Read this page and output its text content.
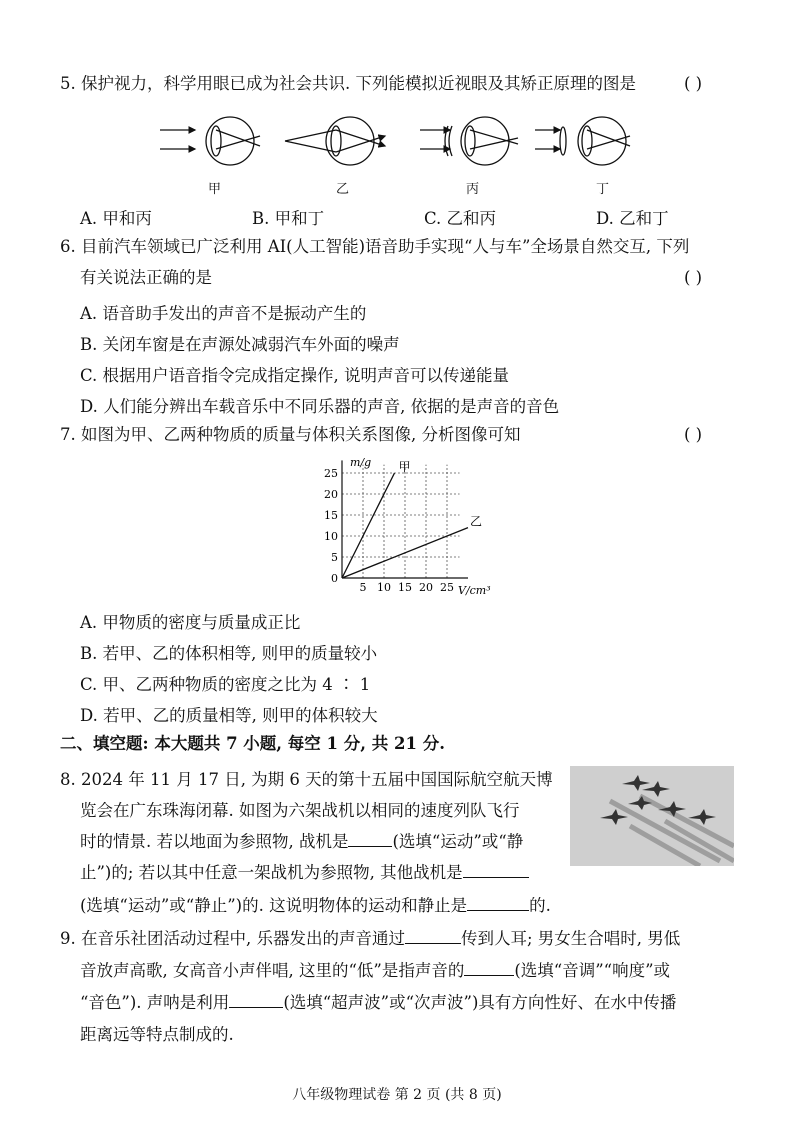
5. 保护视力，科学用眼已成为社会共识. 下列能模拟近视眼及其矫正原理的图是	( )
甲	乙	丙	丁
A. 甲和丙	B. 甲和丁	C. 乙和丙	D. 乙和丁
6. 目前汽车领域已广泛利用 AI(人工智能)语音助手实现“人与车”全场景自然交互, 下列
有关说法正确的是	( )
A. 语音助手发出的声音不是振动产生的
B. 关闭车窗是在声源处减弱汽车外面的噪声
C. 根据用户语音指令完成指定操作, 说明声音可以传递能量
D. 人们能分辨出车载音乐中不同乐器的声音, 依据的是声音的音色
7. 如图为甲、乙两种物质的质量与体积关系图像, 分析图像可知	( )
甲
乙
5 10 15 20 25
0
5
10
15
20
25
m/g
V/cm³
A. 甲物质的密度与质量成正比
B. 若甲、乙的体积相等, 则甲的质量较小
C. 甲、乙两种物质的密度之比为 4 ∶ 1
D. 若甲、乙的质量相等, 则甲的体积较大
二、填空题: 本大题共 7 小题, 每空 1 分, 共 21 分.
8. 2024 年 11 月 17 日, 为期 6 天的第十五届中国国际航空航天博
览会在广东珠海闭幕. 如图为六架战机以相同的速度列队飞行
时的情景. 若以地面为参照物, 战机是	(选填“运动”或“静
止”)的; 若以其中任意一架战机为参照物, 其他战机是
(选填“运动”或“静止”)的. 这说明物体的运动和静止是	的.
9. 在音乐社团活动过程中, 乐器发出的声音通过	传到人耳; 男女生合唱时, 男低
音放声高歌, 女高音小声伴唱, 这里的“低”是指声音的	(选填“音调”“响度”或
“音色”). 声呐是利用	(选填“超声波”或“次声波”)具有方向性好、在水中传播
距离远等特点制成的.
八年级物理试卷 第 2 页 (共 8 页)
